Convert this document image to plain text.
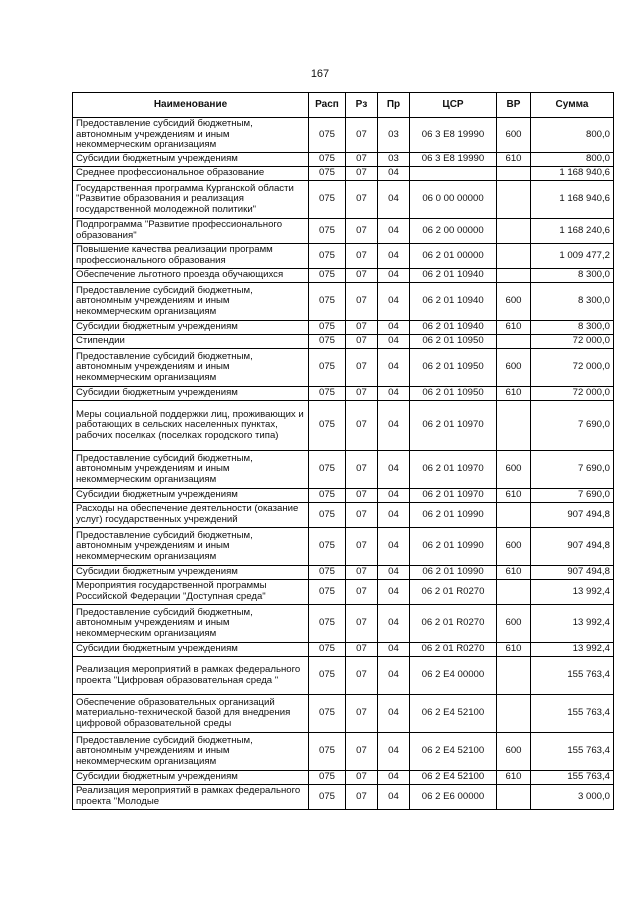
167
Наименование	Расп	Рз	Пр	ЦСР	ВР	Сумма
Предоставление субсидий бюджетным, автономным учреждениям и иным некоммерческим организациям	075	07	03	06 3 E8 19990	600	800,0
Субсидии бюджетным учреждениям	075	07	03	06 3 E8 19990	610	800,0
Среднее профессиональное образование	075	07	04			1 168 940,6
Государственная программа Курганской области "Развитие образования и реализация государственной молодежной политики"	075	07	04	06 0 00 00000		1 168 940,6
Подпрограмма "Развитие профессионального образования"	075	07	04	06 2 00 00000		1 168 240,6
Повышение качества реализации программ профессионального образования	075	07	04	06 2 01 00000		1 009 477,2
Обеспечение льготного проезда обучающихся	075	07	04	06 2 01 10940		8 300,0
Предоставление субсидий бюджетным, автономным учреждениям и иным некоммерческим организациям	075	07	04	06 2 01 10940	600	8 300,0
Субсидии бюджетным учреждениям	075	07	04	06 2 01 10940	610	8 300,0
Стипендии	075	07	04	06 2 01 10950		72 000,0
Предоставление субсидий бюджетным, автономным учреждениям и иным некоммерческим организациям	075	07	04	06 2 01 10950	600	72 000,0
Субсидии бюджетным учреждениям	075	07	04	06 2 01 10950	610	72 000,0
Меры социальной поддержки лиц, проживающих и работающих в сельских населенных пунктах, рабочих поселках (поселках городского типа)	075	07	04	06 2 01 10970		7 690,0
Предоставление субсидий бюджетным, автономным учреждениям и иным некоммерческим организациям	075	07	04	06 2 01 10970	600	7 690,0
Субсидии бюджетным учреждениям	075	07	04	06 2 01 10970	610	7 690,0
Расходы на обеспечение деятельности (оказание услуг) государственных учреждений	075	07	04	06 2 01 10990		907 494,8
Предоставление субсидий бюджетным, автономным учреждениям и иным некоммерческим организациям	075	07	04	06 2 01 10990	600	907 494,8
Субсидии бюджетным учреждениям	075	07	04	06 2 01 10990	610	907 494,8
Мероприятия государственной программы Российской Федерации "Доступная среда"	075	07	04	06 2 01 R0270		13 992,4
Предоставление субсидий бюджетным, автономным учреждениям и иным некоммерческим организациям	075	07	04	06 2 01 R0270	600	13 992,4
Субсидии бюджетным учреждениям	075	07	04	06 2 01 R0270	610	13 992,4
Реализация мероприятий в рамках федерального проекта "Цифровая образовательная среда "	075	07	04	06 2 E4 00000		155 763,4
Обеспечение образовательных организаций материально-технической базой для внедрения цифровой образовательной среды	075	07	04	06 2 E4 52100		155 763,4
Предоставление субсидий бюджетным, автономным учреждениям и иным некоммерческим организациям	075	07	04	06 2 E4 52100	600	155 763,4
Субсидии бюджетным учреждениям	075	07	04	06 2 E4 52100	610	155 763,4
Реализация мероприятий в рамках федерального проекта "Молодые	075	07	04	06 2 E6 00000		3 000,0
